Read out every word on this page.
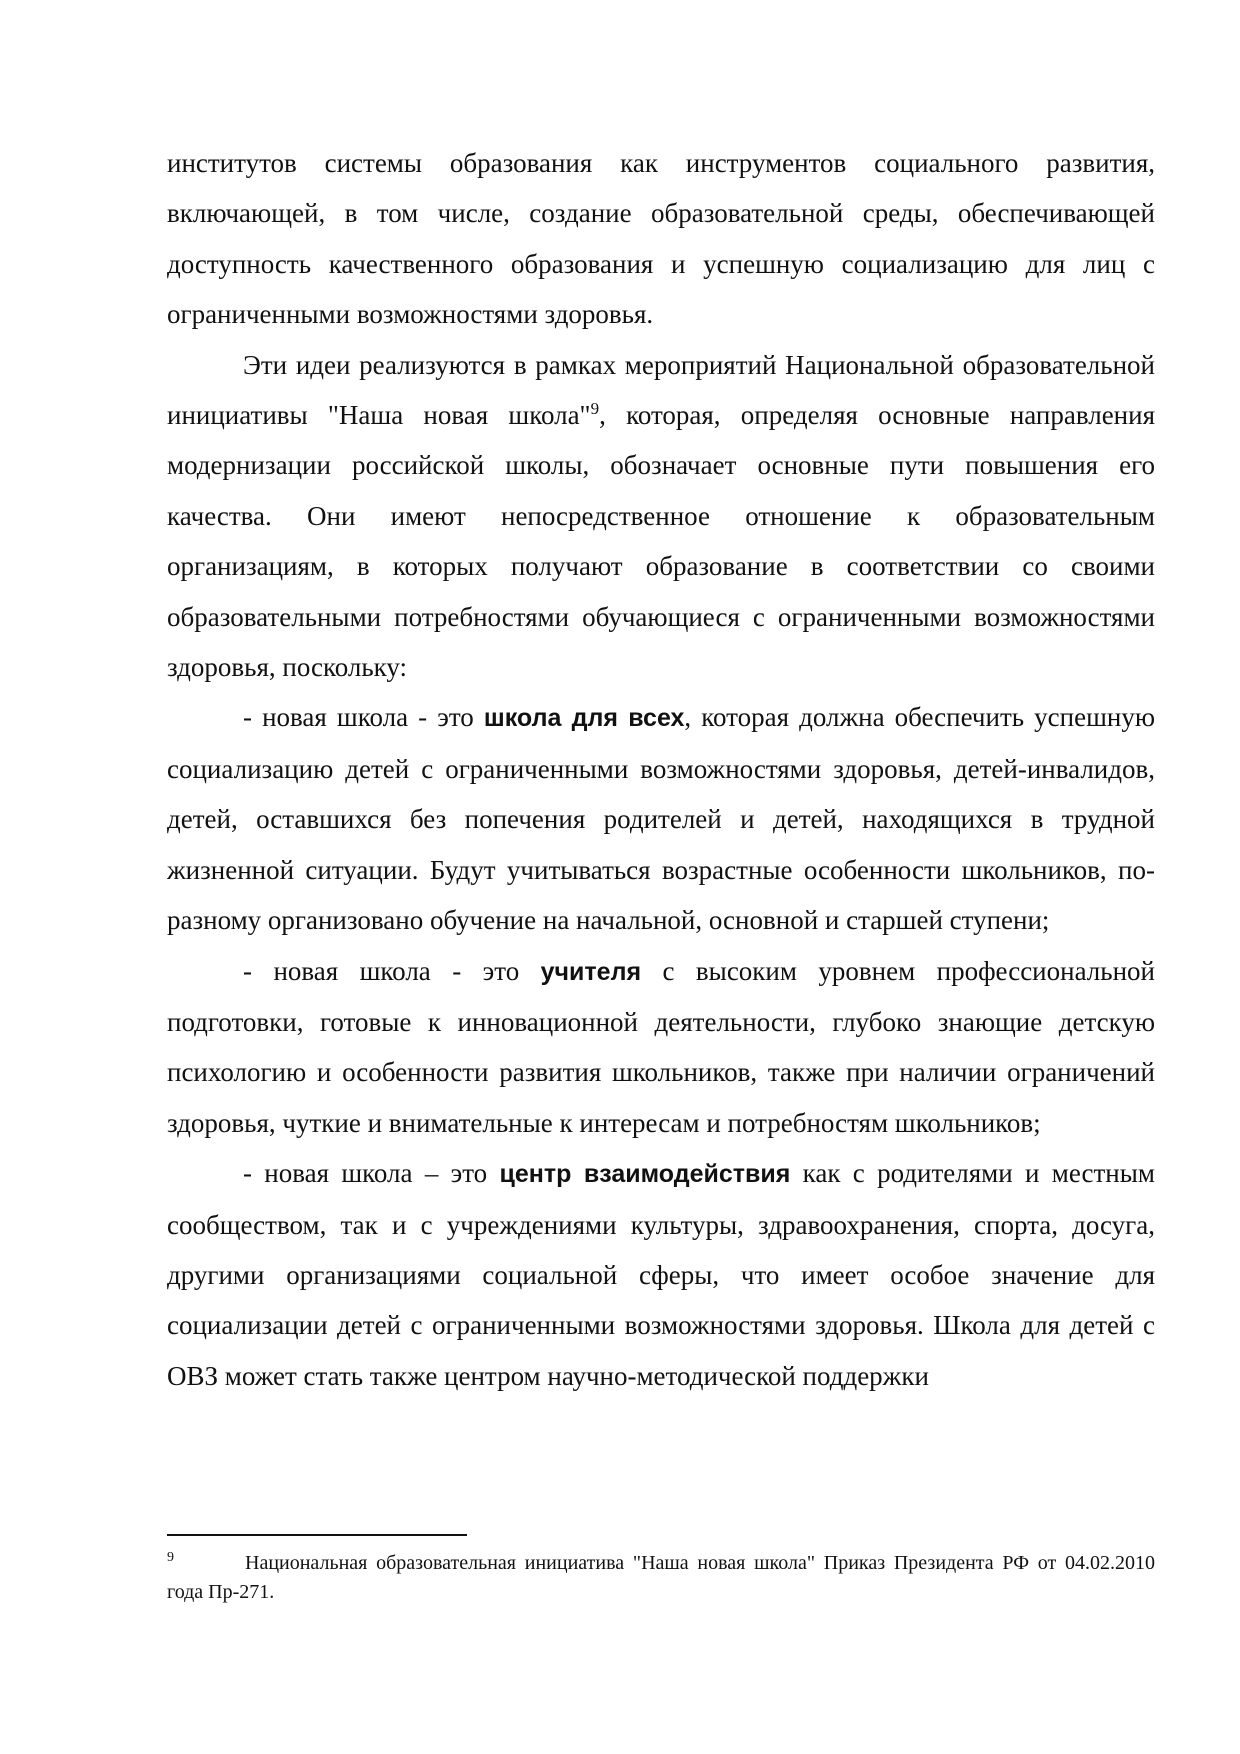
институтов системы образования как инструментов социального развития, включающей, в том числе, создание образовательной среды, обеспечивающей доступность качественного образования и успешную социализацию для лиц с ограниченными возможностями здоровья.

Эти идеи реализуются в рамках мероприятий Национальной образовательной инициативы "Наша новая школа"$^9$, которая, определяя основные направления модернизации российской школы, обозначает основные пути повышения его качества. Они имеют непосредственное отношение к образовательным организациям, в которых получают образование в соответствии со своими образовательными потребностями обучающиеся с ограниченными возможностями здоровья, поскольку:

- новая школа - это школа для всех, которая должна обеспечить успешную социализацию детей с ограниченными возможностями здоровья, детей-инвалидов, детей, оставшихся без попечения родителей и детей, находящихся в трудной жизненной ситуации. Будут учитываться возрастные особенности школьников, по-разному организовано обучение на начальной, основной и старшей ступени;

- новая школа - это учителя с высоким уровнем профессиональной подготовки, готовые к инновационной деятельности, глубоко знающие детскую психологию и особенности развития школьников, также при наличии ограничений здоровья, чуткие и внимательные к интересам и потребностям школьников;

- новая школа – это центр взаимодействия как с родителями и местным сообществом, так и с учреждениями культуры, здравоохранения, спорта, досуга, другими организациями социальной сферы, что имеет особое значение для социализации детей с ограниченными возможностями здоровья. Школа для детей с ОВЗ может стать также центром научно-методической поддержки

9	Национальная образовательная инициатива "Наша новая школа" Приказ Президента РФ от 04.02.2010 года Пр-271.
